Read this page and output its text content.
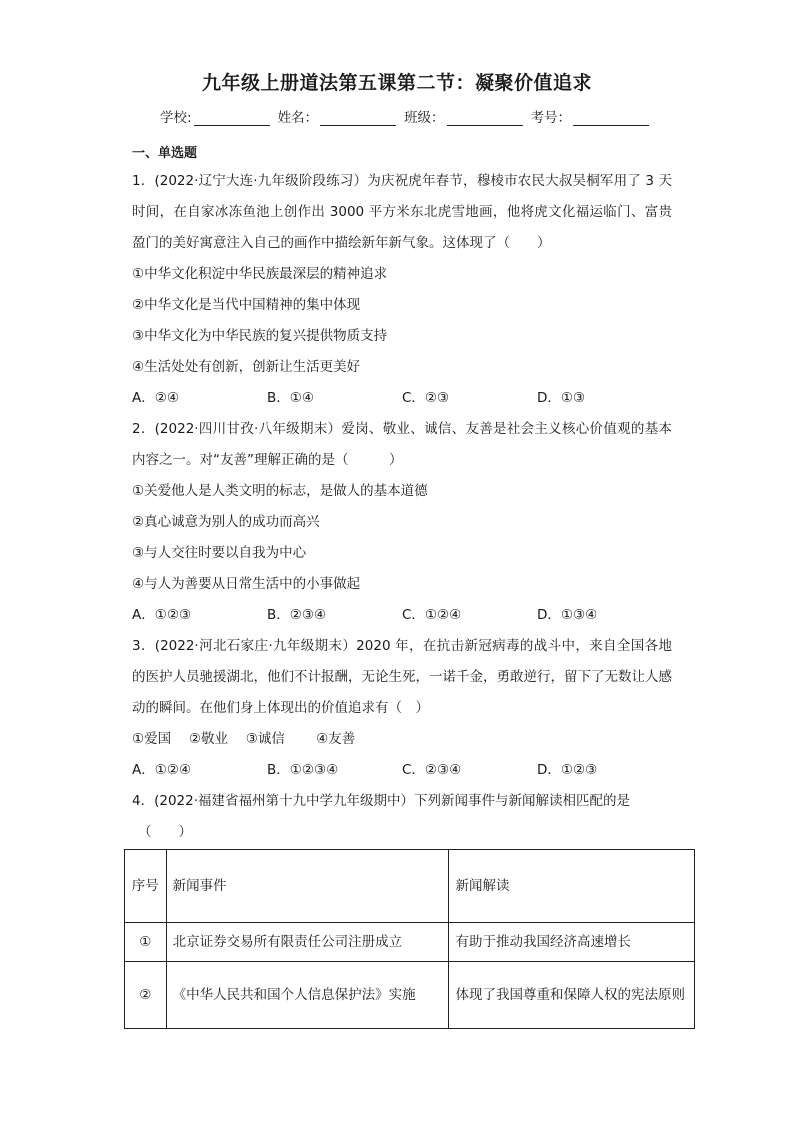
九年级上册道法第五课第二节：凝聚价值追求
学校:	姓名：	班级：	考号：
一、单选题

1．(2022·辽宁大连·九年级阶段练习）为庆祝虎年春节，穆棱市农民大叔吴桐军用了 3 天时间，在自家冰冻鱼池上创作出 3000 平方米东北虎雪地画，他将虎文化福运临门、富贵盈门的美好寓意注入自己的画作中描绘新年新气象。这体现了（　　）

①中华文化积淀中华民族最深层的精神追求

②中华文化是当代中国精神的集中体现

③中华文化为中华民族的复兴提供物质支持

④生活处处有创新，创新让生活更美好

A．②④	B．①④	C．②③	D．①③

2．(2022·四川甘孜·八年级期末）爱岗、敬业、诚信、友善是社会主义核心价值观的基本内容之一。对“友善”理解正确的是（　　　）

①关爱他人是人类文明的标志，是做人的基本道德

②真心诚意为别人的成功而高兴

③与人交往时要以自我为中心

④与人为善要从日常生活中的小事做起

A．①②③	B．②③④	C．①②④	D．①③④

3．(2022·河北石家庄·九年级期末）2020 年，在抗击新冠病毒的战斗中，来自全国各地的医护人员驰援湖北，他们不计报酬，无论生死，一诺千金，勇敢逆行，留下了无数让人感动的瞬间。在他们身上体现出的价值追求有（　）

①爱国　 ②敬业　 ③诚信　　 ④友善

A．①②④	B．①②③④	C．②③④	D．①②③

4．(2022·福建省福州第十九中学九年级期中）下列新闻事件与新闻解读相匹配的是

（　　）

序号	新闻事件	新闻解读
①	北京证券交易所有限责任公司注册成立	有助于推动我国经济高速增长
②	《中华人民共和国个人信息保护法》实施	体现了我国尊重和保障人权的宪法原则
